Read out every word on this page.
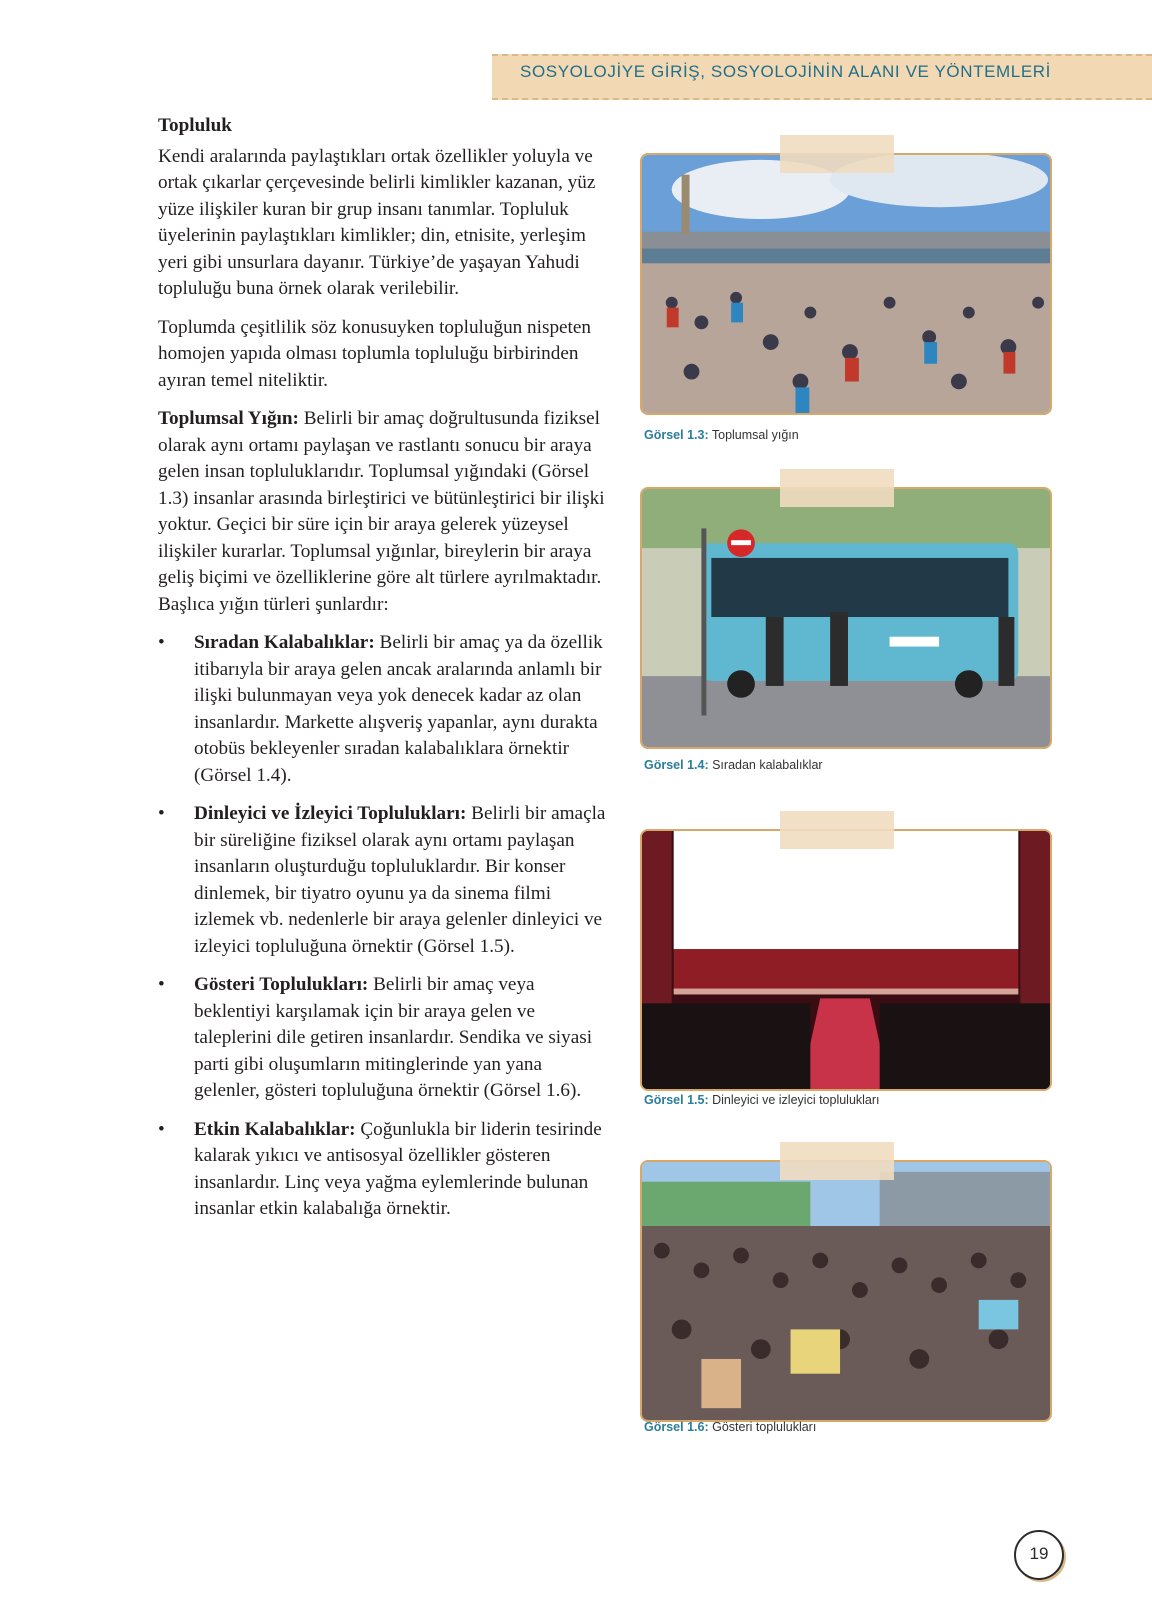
SOSYOLOJİYE GİRİŞ, SOSYOLOJİNİN ALANI VE YÖNTEMLERİ
Topluluk

Kendi aralarında paylaştıkları ortak özellikler yoluyla ve ortak çıkarlar çerçevesinde belirli kimlikler kazanan, yüz yüze ilişkiler kuran bir grup insanı tanımlar. Topluluk üyelerinin paylaştıkları kimlikler; din, etnisite, yerleşim yeri gibi unsurlara dayanır. Türkiye’de yaşayan Yahudi topluluğu buna örnek olarak verilebilir.

Toplumda çeşitlilik söz konusuyken topluluğun nispeten homojen yapıda olması toplumla topluluğu birbirinden ayıran temel niteliktir.

Toplumsal Yığın: Belirli bir amaç doğrultusunda fiziksel olarak aynı ortamı paylaşan ve rastlantı sonucu bir araya gelen insan topluluklarıdır. Toplumsal yığındaki (Görsel 1.3) insanlar arasında birleştirici ve bütünleştirici bir ilişki yoktur. Geçici bir süre için bir araya gelerek yüzeysel ilişkiler kurarlar. Toplumsal yığınlar, bireylerin bir araya geliş biçimi ve özelliklerine göre alt türlere ayrılmaktadır. Başlıca yığın türleri şunlardır:

• Sıradan Kalabalıklar: Belirli bir amaç ya da özellik itibarıyla bir araya gelen ancak aralarında anlamlı bir ilişki bulunmayan veya yok denecek kadar az olan insanlardır. Markette alışveriş yapanlar, aynı durakta otobüs bekleyenler sıradan kalabalıklara örnektir (Görsel 1.4).
• Dinleyici ve İzleyici Toplulukları: Belirli bir amaçla bir süreliğine fiziksel olarak aynı ortamı paylaşan insanların oluşturduğu topluluklardır. Bir konser dinlemek, bir tiyatro oyunu ya da sinema filmi izlemek vb. nedenlerle bir araya gelenler dinleyici ve izleyici topluluğuna örnektir (Görsel 1.5).
• Gösteri Toplulukları: Belirli bir amaç veya beklentiyi karşılamak için bir araya gelen ve taleplerini dile getiren insanlardır. Sendika ve siyasi parti gibi oluşumların mitinglerinde yan yana gelenler, gösteri topluluğuna örnektir (Görsel 1.6).
• Etkin Kalabalıklar: Çoğunlukla bir liderin tesirinde kalarak yıkıcı ve antisosyal özellikler gösteren insanlardır. Linç veya yağma eylemlerinde bulunan insanlar etkin kalabalığa örnektir.
Görsel 1.3: Toplumsal yığın
Görsel 1.4: Sıradan kalabalıklar
Görsel 1.5: Dinleyici ve izleyici toplulukları
Görsel 1.6: Gösteri toplulukları
19
